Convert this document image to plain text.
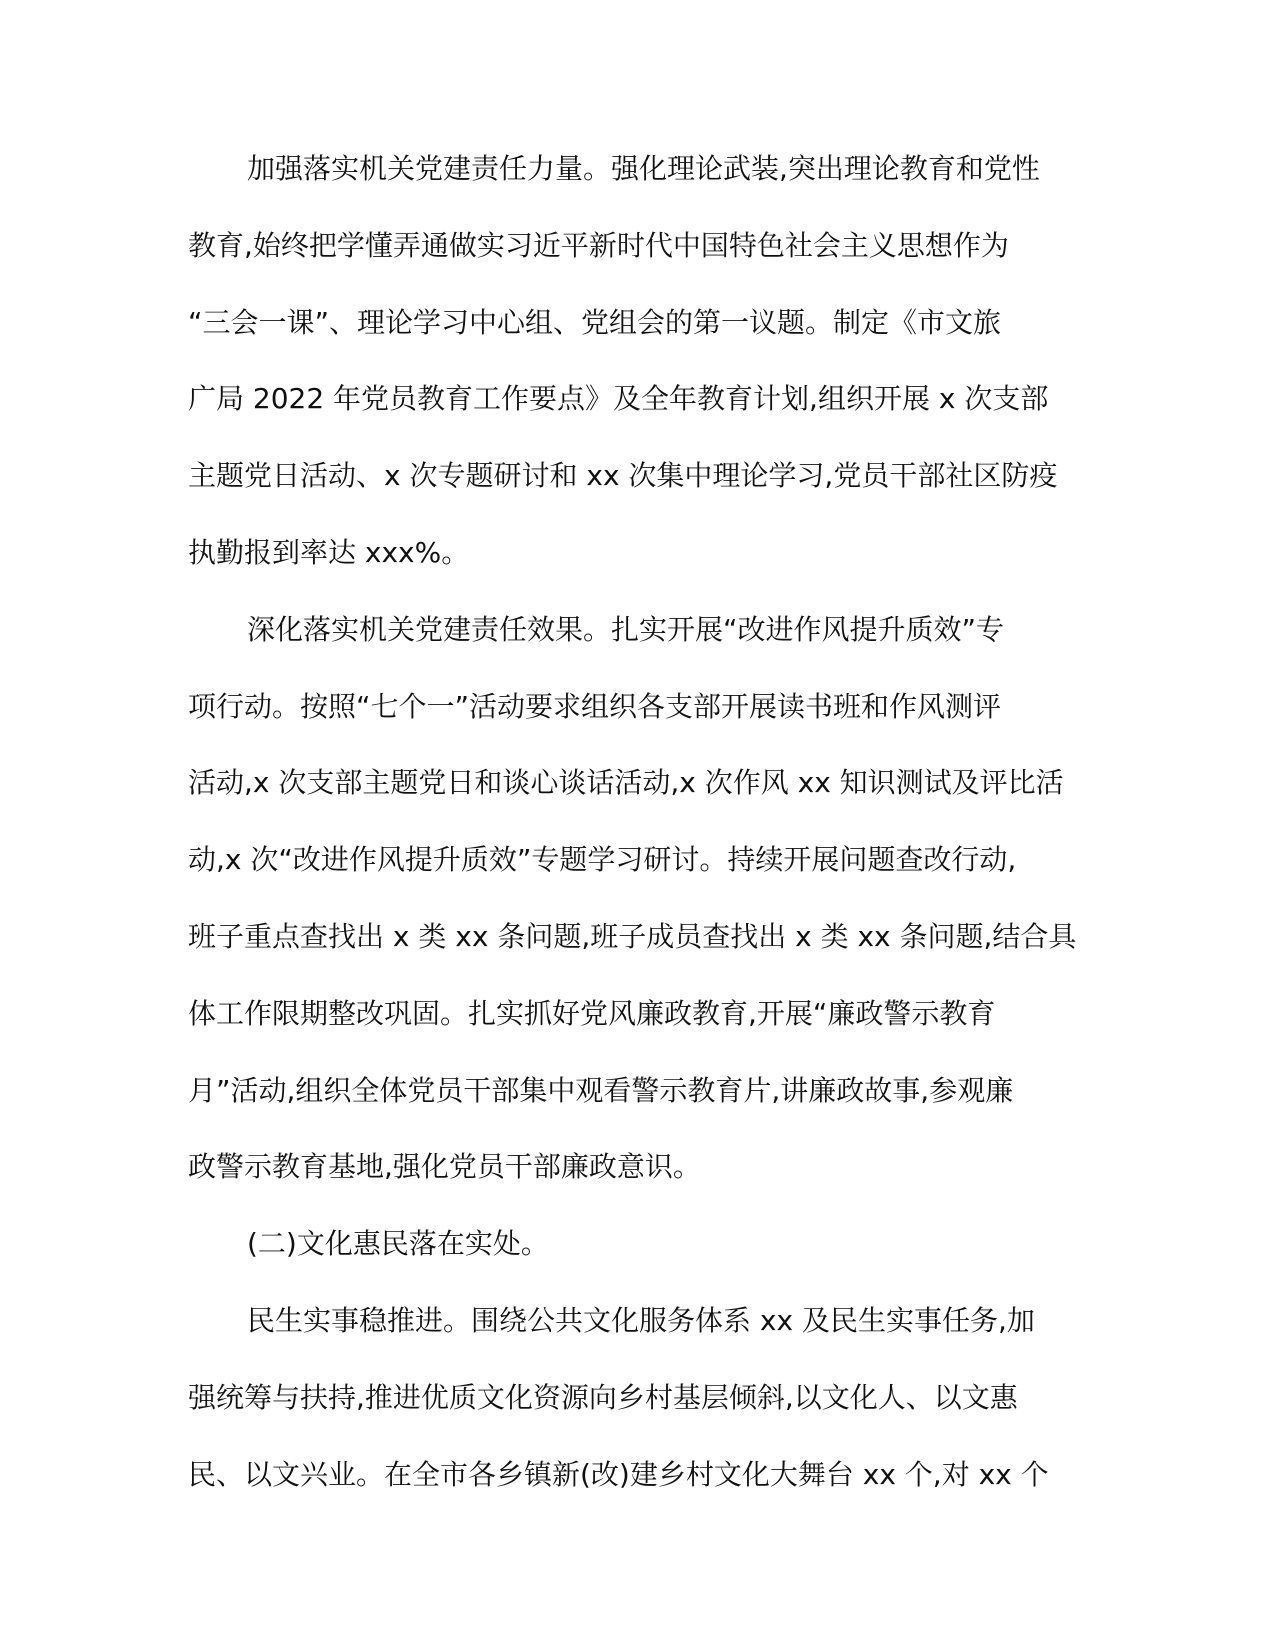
加强落实机关党建责任力量。强化理论武装,突出理论教育和党性
教育,始终把学懂弄通做实习近平新时代中国特色社会主义思想作为
“三会一课”、理论学习中心组、党组会的第一议题。制定《市文旅
广局 2022 年党员教育工作要点》及全年教育计划,组织开展 x 次支部
主题党日活动、x 次专题研讨和 xx 次集中理论学习,党员干部社区防疫
执勤报到率达 xxx%。
深化落实机关党建责任效果。扎实开展“改进作风提升质效”专
项行动。按照“七个一”活动要求组织各支部开展读书班和作风测评
活动,x 次支部主题党日和谈心谈话活动,x 次作风 xx 知识测试及评比活
动,x 次“改进作风提升质效”专题学习研讨。持续开展问题查改行动,
班子重点查找出 x 类 xx 条问题,班子成员查找出 x 类 xx 条问题,结合具
体工作限期整改巩固。扎实抓好党风廉政教育,开展“廉政警示教育
月”活动,组织全体党员干部集中观看警示教育片,讲廉政故事,参观廉
政警示教育基地,强化党员干部廉政意识。
(二)文化惠民落在实处。
民生实事稳推进。围绕公共文化服务体系 xx 及民生实事任务,加
强统筹与扶持,推进优质文化资源向乡村基层倾斜,以文化人、以文惠
民、以文兴业。在全市各乡镇新(改)建乡村文化大舞台 xx 个,对 xx 个
